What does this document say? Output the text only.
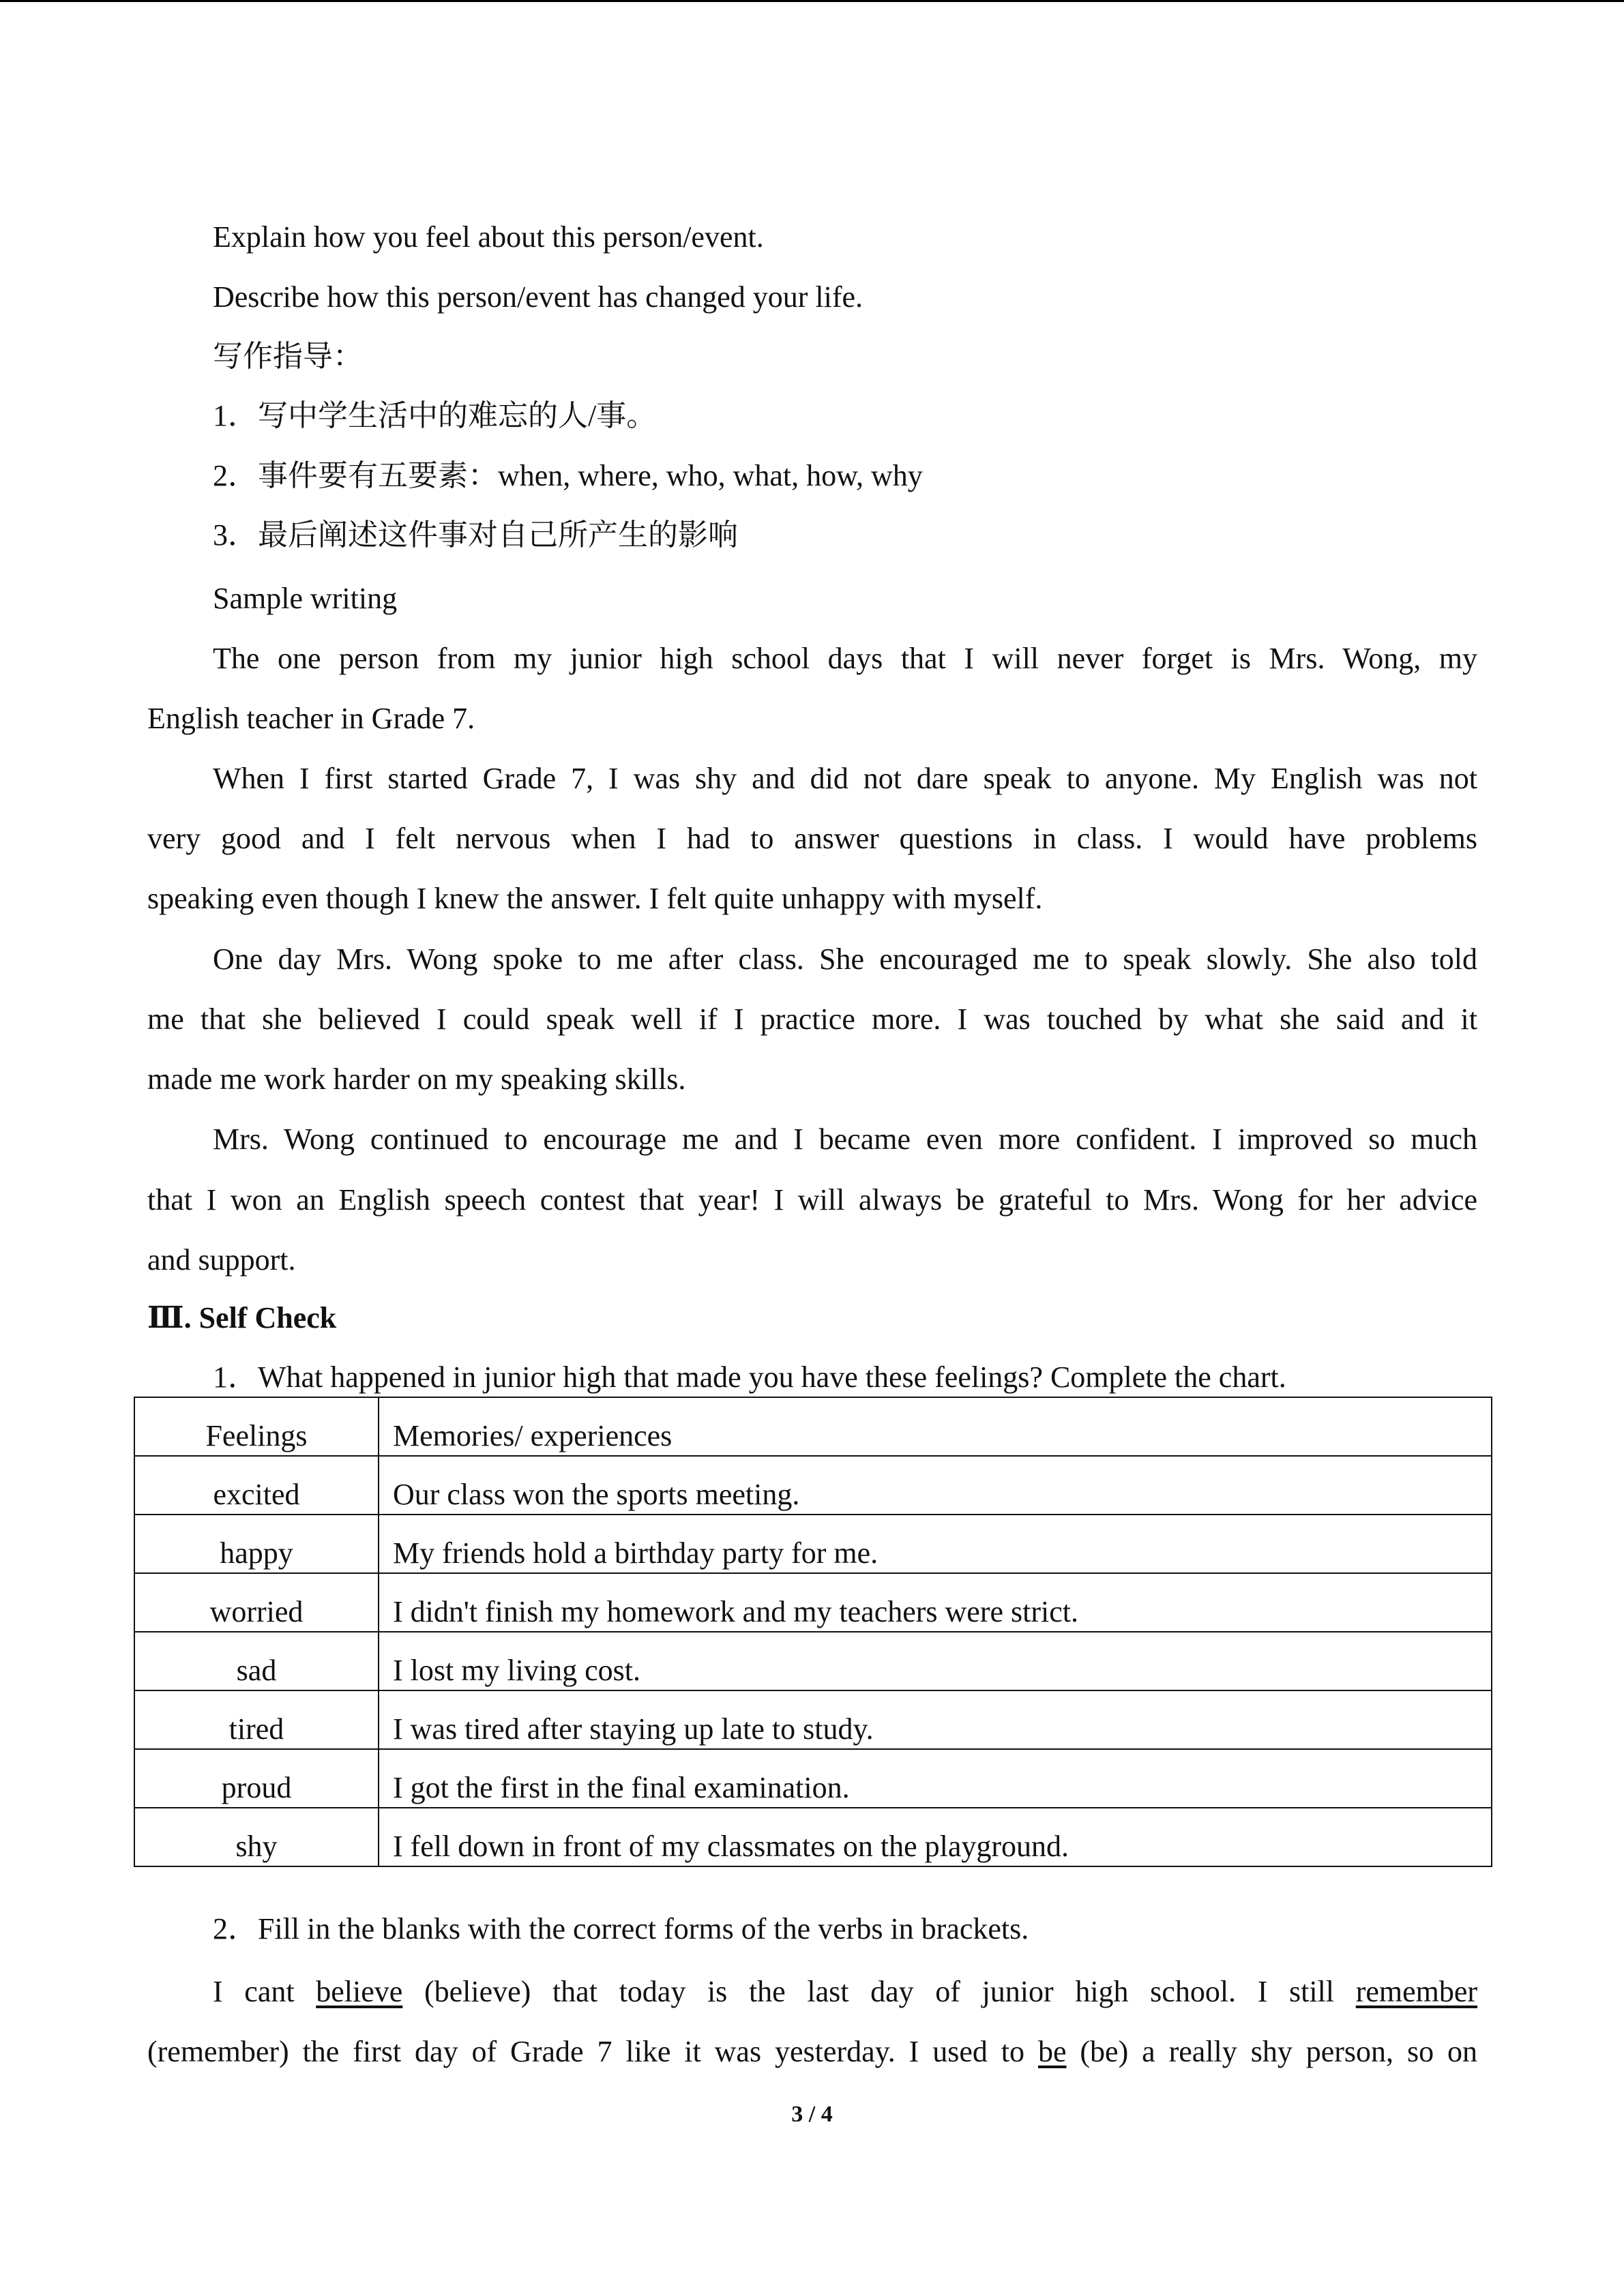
Explain how you feel about this person/event.
Describe how this person/event has changed your life.
写作指导：
1．写中学生活中的难忘的人/事。
2．事件要有五要素：when, where, who, what, how, why
3．最后阐述这件事对自己所产生的影响
Sample writing
The one person from my junior high school days that I will never forget is Mrs. Wong, my
English teacher in Grade 7.
When I first started Grade 7, I was shy and did not dare speak to anyone. My English was not
very good and I felt nervous when I had to answer questions in class. I would have problems
speaking even though I knew the answer. I felt quite unhappy with myself.
One day Mrs. Wong spoke to me after class. She encouraged me to speak slowly. She also told
me that she believed I could speak well if I practice more. I was touched by what she said and it
made me work harder on my speaking skills.
Mrs. Wong continued to encourage me and I became even more confident. I improved so much
that I won an English speech contest that year! I will always be grateful to Mrs. Wong for her advice
and support.
Ⅲ. Self Check
1．What happened in junior high that made you have these feelings? Complete the chart.
Feelings	Memories/ experiences
excited	Our class won the sports meeting.
happy	My friends hold a birthday party for me.
worried	I didn't finish my homework and my teachers were strict.
sad	I lost my living cost.
tired	I was tired after staying up late to study.
proud	I got the first in the final examination.
shy	I fell down in front of my classmates on the playground.
2．Fill in the blanks with the correct forms of the verbs in brackets.
I cant believe (believe) that today is the last day of junior high school. I still remember
(remember) the first day of Grade 7 like it was yesterday. I used to be (be) a really shy person, so on
3 / 4
